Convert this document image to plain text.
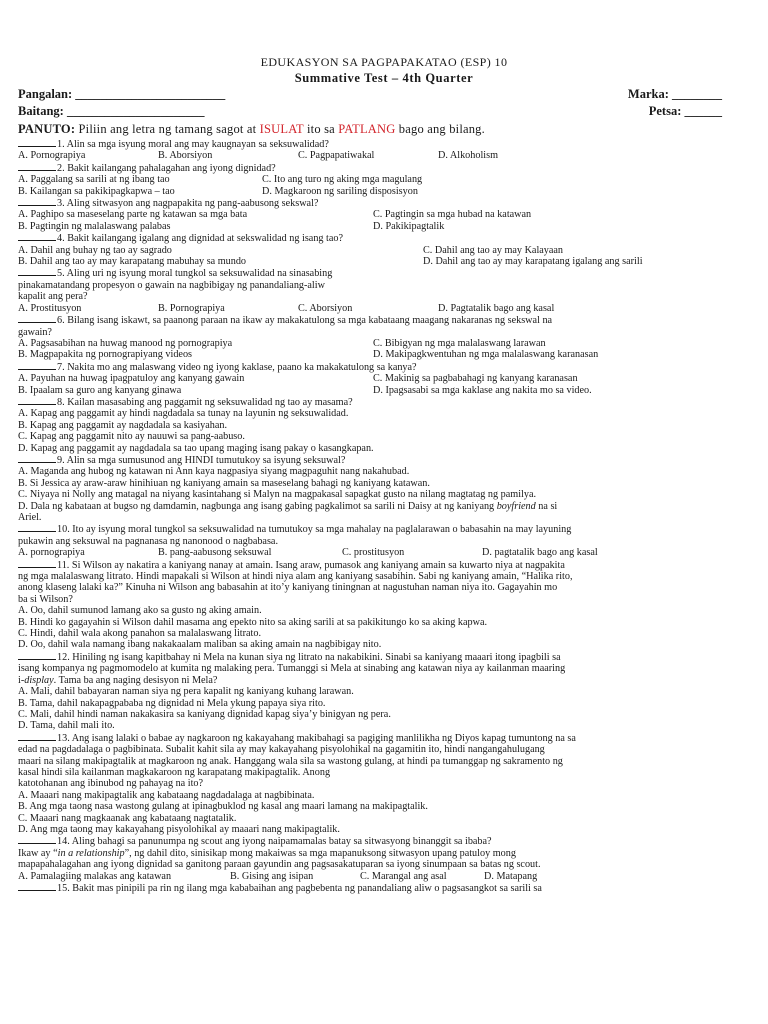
EDUKASYON SA PAGPAPAKATAO (ESP) 10
Summative Test – 4th Quarter
Pangalan: ________________________	Marka: ________
Baitang: ______________________	Petsa: ______
PANUTO: Piliin ang letra ng tamang sagot at ISULAT ito sa PATLANG bago ang bilang.
1. Alin sa mga isyung moral ang may kaugnayan sa seksuwalidad?
A. Pornograpiya	B. Aborsiyon	C. Pagpapatiwakal	D. Alkoholism
2. Bakit kailangang pahalagahan ang iyong dignidad?
A. Paggalang sa sarili at ng ibang tao	C. Ito ang turo ng aking mga magulang
B. Kailangan sa pakikipagkapwa – tao	D. Magkaroon ng sariling disposisyon
3. Aling sitwasyon ang nagpapakita ng pang-aabusong sekswal?
A. Paghipo sa maseselang parte ng katawan sa mga bata	C. Pagtingin sa mga hubad na katawan
B. Pagtingin ng malalaswang palabas	D. Pakikipagtalik
4. Bakit kailangang igalang ang dignidad at sekswalidad ng isang tao?
A. Dahil ang buhay ng tao ay sagrado	C. Dahil ang tao ay may Kalayaan
B. Dahil ang tao ay may karapatang mabuhay sa mundo	D. Dahil ang tao ay may karapatang igalang ang sarili
5. Aling uri ng isyung moral tungkol sa seksuwalidad na sinasabing
pinakamatandang propesyon o gawain na nagbibigay ng panandaliang-aliw
kapalit ang pera?
A. Prostitusyon	B. Pornograpiya	C. Aborsiyon	D. Pagtatalik bago ang kasal
6. Bilang isang iskawt, sa paanong paraan na ikaw ay makakatulong sa mga kabataang maagang nakaranas ng sekswal na
gawain?
A. Pagsasabihan na huwag manood ng pornograpiya	C. Bibigyan ng mga malalaswang larawan
B. Magpapakita ng pornograpiyang videos	D. Makipagkwentuhan ng mga malalaswang karanasan
7. Nakita mo ang malaswang video ng iyong kaklase, paano ka makakatulong sa kanya?
A. Payuhan na huwag ipagpatuloy ang kanyang gawain	C. Makinig sa pagbabahagi ng kanyang karanasan
B. Ipaalam sa guro ang kanyang ginawa	D. Ipagsasabi sa mga kaklase ang nakita mo sa video.
8. Kailan masasabing ang paggamit ng seksuwalidad ng tao ay masama?
A. Kapag ang paggamit ay hindi nagdadala sa tunay na layunin ng seksuwalidad.
B. Kapag ang paggamit ay nagdadala sa kasiyahan.
C. Kapag ang paggamit nito ay nauuwi sa pang-aabuso.
D. Kapag ang paggamit ay nagdadala sa tao upang maging isang pakay o kasangkapan.
9. Alin sa mga sumusunod ang HINDI tumutukoy sa isyung seksuwal?
A. Maganda ang hubog ng katawan ni Ann kaya nagpasiya siyang magpaguhit nang nakahubad.
B. Si Jessica ay araw-araw hinihiuan ng kaniyang amain sa maseselang bahagi ng kaniyang katawan.
C. Niyaya ni Nolly ang matagal na niyang kasintahang si Malyn na magpakasal sapagkat gusto na nilang magtatag ng pamilya.
D. Dala ng kabataan at bugso ng damdamin, nagbunga ang isang gabing pagkalimot sa sarili ni Daisy at ng kaniyang boyfriend na si
Ariel.
10. Ito ay isyung moral tungkol sa seksuwalidad na tumutukoy sa mga mahalay na paglalarawan o babasahin na may layuning
pukawin ang seksuwal na pagnanasa ng nanonood o nagbabasa.
A. pornograpiya	B. pang-aabusong seksuwal	C. prostitusyon	D. pagtatalik bago ang kasal
11. Si Wilson ay nakatira a kaniyang nanay at amain. Isang araw, pumasok ang kaniyang amain sa kuwarto niya at nagpakita
ng mga malalaswang litrato. Hindi mapakali si Wilson at hindi niya alam ang kaniyang sasabihin. Sabi ng kaniyang amain, “Halika rito,
anong klaseng lalaki ka?” Kinuha ni Wilson ang babasahin at ito’y kaniyang tiningnan at nagustuhan naman niya ito. Gagayahin mo
ba si Wilson?
A. Oo, dahil sumunod lamang ako sa gusto ng aking amain.
B. Hindi ko gagayahin si Wilson dahil masama ang epekto nito sa aking sarili at sa pakikitungo ko sa aking kapwa.
C. Hindi, dahil wala akong panahon sa malalaswang litrato.
D. Oo, dahil wala namang ibang nakakaalam maliban sa aking amain na nagbibigay nito.
12. Hiniling ng isang kapitbahay ni Mela na kunan siya ng litrato na nakabikini. Sinabi sa kaniyang maaari itong ipagbili sa
isang kompanya ng pagmomodelo at kumita ng malaking pera. Tumanggi si Mela at sinabing ang katawan niya ay kailanman maaring
i-display. Tama ba ang naging desisyon ni Mela?
A. Mali, dahil babayaran naman siya ng pera kapalit ng kaniyang kuhang larawan.
B. Tama, dahil nakapagpababa ng dignidad ni Mela ykung papaya siya rito.
C. Mali, dahil hindi naman nakakasira sa kaniyang dignidad kapag siya’y binigyan ng pera.
D. Tama, dahil mali ito.
13. Ang isang lalaki o babae ay nagkaroon ng kakayahang makibahagi sa pagiging manlilikha ng Diyos kapag tumuntong na sa
edad na pagdadalaga o pagbibinata. Subalit kahit sila ay may kakayahang pisyolohikal na gagamitin ito, hindi nangangahulugang
maari na silang makipagtalik at magkaroon ng anak. Hanggang wala sila sa wastong gulang, at hindi pa tumanggap ng sakramento ng
kasal hindi sila kailanman magkakaroon ng karapatang makipagtalik. Anong
katotohanan ang ibinubod ng pahayag na ito?
A. Maaari nang makipagtalik ang kabataang nagdadalaga at nagbibinata.
B. Ang mga taong nasa wastong gulang at ipinagbuklod ng kasal ang maari lamang na makipagtalik.
C. Maaari nang magkaanak ang kabataang nagtatalik.
D. Ang mga taong may kakayahang pisyolohikal ay maaari nang makipagtalik.
14. Aling bahagi sa panunumpa ng scout ang iyong naipamamalas batay sa sitwasyong binanggit sa ibaba?
Ikaw ay “in a relationship”, ng dahil dito, sinisikap mong makaiwas sa mga mapanuksong sitwasyon upang patuloy mong
mapapahalagahan ang iyong dignidad sa ganitong paraan gayundin ang pagsasakatuparan sa iyong sinumpaan sa batas ng scout.
A. Pamalagiing malakas ang katawan	B. Gising ang isipan	C. Marangal ang asal	D. Matapang
15. Bakit mas pinipili pa rin ng ilang mga kababaihan ang pagbebenta ng panandaliang aliw o pagsasangkot sa sarili sa
